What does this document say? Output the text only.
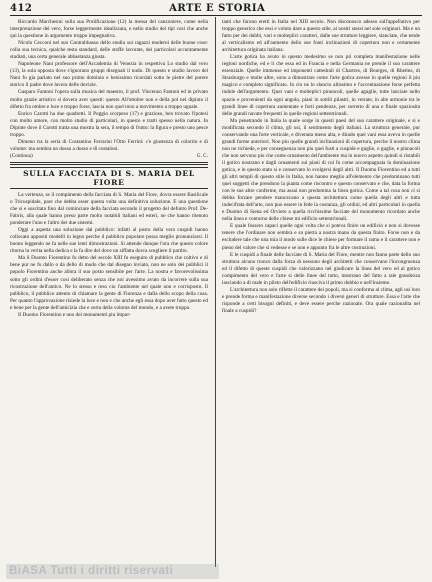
412	ARTE E STORIA

Riccardo Marchesini sulla sua Prolificazione (12) la messa del canzoniere, come nella interpretazione del vero, forse leggermente idealizzata, e nello studio dei tipi cosi che anche qui la questione in argomento troppo impegnativa.

Nicolo Cecconi nel suo Contrabbasso dello studio sui ragazzi moderni delle buone cose: colla sua tecnica, qualche testa standard, delle stoffe lavorate, dei particolari accuratamente studiati, una certa generale abbastanza giusta.

Napoleone Nani professore dell'Accademia di Venezia in respettiva Lo studio dal vero (13), la sola opposta dove s'ignorano gruppi disegnati il nudo. Di questo e studio lavoro del Nani fu gia parlato nel suo primo dominio e benissimo ricordati sotto le pietre del potere storico il padre dove lavora delle dovizie.

Gasparo Fantoni l'opera sulla musica del maestro, il prof. Vincenzo Fantoni ed in privato molto grazie artistico si dovera aver questi: questo All'ottobre non e della pol nel dipinto il difetto fra ombre e luce e troppo forse, lascia non quel tono a movimento a troppo uguale.

Enrico Carotti ha due quadretti. Il Poggio scorpeso (17) e grazioso, ben trovato l'ipotesi con molto amore, con molto studio di particolari, in questo e tratti spesso nella natura. In Dipinte dove il Carotti tratta una mostra la sera, il tempo di frutto: la figura e presto uno pesce troppo.

Dimeno tra la seria di Costantino Ferrarini l'Otto Ferrini: c'e giustezza di colorito e di volume: ma sembra un dosso a dosso e di costaloni.

(Continua)	G. C.
SULLA FACCIATA DI S. MARIA DEL FIORE

La vertenza, se il compimento della facciata di S. Maria del Fiore, dovra essere Basilicale o Tricuspidale, pare che debba esser questa volta una definitiva soluzione. E una questione che si e suscitata fino dal cominciare della facciata secondo il progetto del defunto Prof. De-Fabris, alla quale hanno preso parte molto notabili italiani ed esteri, ne che hanno ritenuto ponderare l'uno e l'altro dei due sistemi.

Oggi a aspetta una soluzione dal pubblico: infatti al posto della vera cuspidi hanno collocato appositi modelli in legno perche il pubblico popolare possa meglio pronunziarsi. Il buono leggendo ne fa nelle sue lenti dimostrazioni. Si attende dunque l'ora che questo colore ritorna la verita nella dedica e la fa dire del dove un siffatta dovra scegliere il partito.

Ma il Duomo Fiorentino fu detto del secolo XIII fu eseguito di pubblico che coltivo e di bene pur ne fu dallo o da dello di modo che dal disegno inviato, non ne solo dei pubblici il popolo Fiorentino anche allora il suo posto sensibile per l'arte. La nostra e favorevolissima sotto gli ordini d'esser cosi deliberato senza che noi avessimo avuto da incorrere sulla sua ricostruzione dell'antico. Ne lo stesso e reso cio l'ambiente nel quale non e corrisposto. Il pubblico, il pubblico attento di chiamare la gente di Fiorenza e dalla dello scopo della cosa. Per quanto l'approvazione risiede la luce e non e che anche egli essa dopo aver fatto questo ed e bene per la gente dell'amicizia che e sorta della volonta del mondo, e a avete troppo.

Il Duomo Fiorentino e uno dei monumenti piu impor-

tanti che furono eretti in Italia nel XIII secolo. Non disconosco adesso sull'appellativo per troppo generico che essi e voluto dare a questo stile, ai nostri stessi nel sole originari. Ma e un fatto per dei dubbi, vari e molteplici caratteri, dalle sue strutture leggiere, slanciate, che tende al verticalismo ed all'aumento dello sue fonti inclinazioni di copertura non e certamente architettura originata italiana.

L'arte gotica ha avuto in questo medesimo se non pii completa manifestazione nelle regioni nordiche, ed e li che essa ed in Francia e nella Germania ne prende il suo carattere essenziale. Quelle immense ed imponenti cattedrali di Chartres, di Bourges, di Rheims, di Strasburgo e molte altre, sono a dimostrare come l'arte gotica avesse in quelle regioni il piu magico e completo significato. In cio ne lo slancio altissimo e l'accentuazione forse perfetta indole dell'argomento. Quei vani e molteplici pinnacoli, quelle aguglie, tutte lanciate nello spazio e provenienti da ogni angolo, piani in sottili pilastri, in vetrate, in alte armonie tra le grandi linee di copertura aumentate e forti pendenze, per sorretto di una e finale spaziosita delle grandi navate frequenti in quelle regioni settentrionali.

Ma penetrando in Italia la quale sorge in questi paesi del suo carattere originale, e si e modificata secondo il clima, gli usi, il sentimento degli italiani. La struttura generale, pur conservando una forte verticale, e divenuta meno alta, e dirado quei vani essa aveva in quelle grandi forme anteriori. Non piu quelle grandi inclinazioni di copertura, perche il nostro clima non ne richiede, e per conseguenza non piu quei fusti a cuspide e guglie, o guglie, e pinnacoli che non servono piu che come ornamento dell'ambiente ma in nuovo aspetto quindi si ristabili il gotico nostrano e dagli ornamenti sui piani di cui fu come accompagnata la dominazione gotica, e in questo stato si e conservato lo svolgersi degli altri. Il Duomo Fiorentino ed a tutti gli altri templi di questo stile in Italia, non hanno meglio all'elemento che predominano tutti quei soggetti che prendono la pianta come riscontro e questo conservato e che, data la forma con le sue altre conferme, ma assai non predomina la linea gotica. Come a tal cosa non ci si debba forzare pendere mancavano a questa architettura come quella degli altri e tutta indecifrata dell'arte, non puo essere in fede la costanza, gli ordini, ed altri particolari in quella e Duomo di Siena ed Orvieto a quella ricchissime facciate del monumento ricordato anche nella linea e contorno delle chiese mi edificio settentrionali.

E quale fossero capaci quelle ogni volta che si poteva finire un edificio e non si dovesse tenere che l'ordinare non sembra e su pietra a nostra mano da questa finito. Forse non e da escludere tale che una mia il modo sulle dice le chiese per formare il ramo e il carattere non e pieno del valore che si vedesse e se non e appunto fra le altre costruzioni.

E le cuspidi a finale delle facciate di S. Maria del Fiore, mentre non fanno parte dello suo struttura alcuno tronco dalla forza di nessuno degli architetti che conservano l'incongruenza ed il difetto di queste cuspidi che valorizzano nel giudicare la linea del vero ed al gotico compimento del vero e l'arte si delle linee del tutto, mostrano del fatto a tale grandezza lasciando a di male in pilsto dell'edificio riusciva il primo dubbio e nell'insieme.

L'architettura non solo riflette il carattere dei popoli, ma si conforma al clima, agli usi loro e prende forma e manifestazione diverse secondo i diversi generi di strutture. Essa e l'arte che risponde a certi bisogni definiti, e deve essere perche razionale. Ora quale razionalita nel finale a cuspidi?

BiASA Tutti i diritti riservati
